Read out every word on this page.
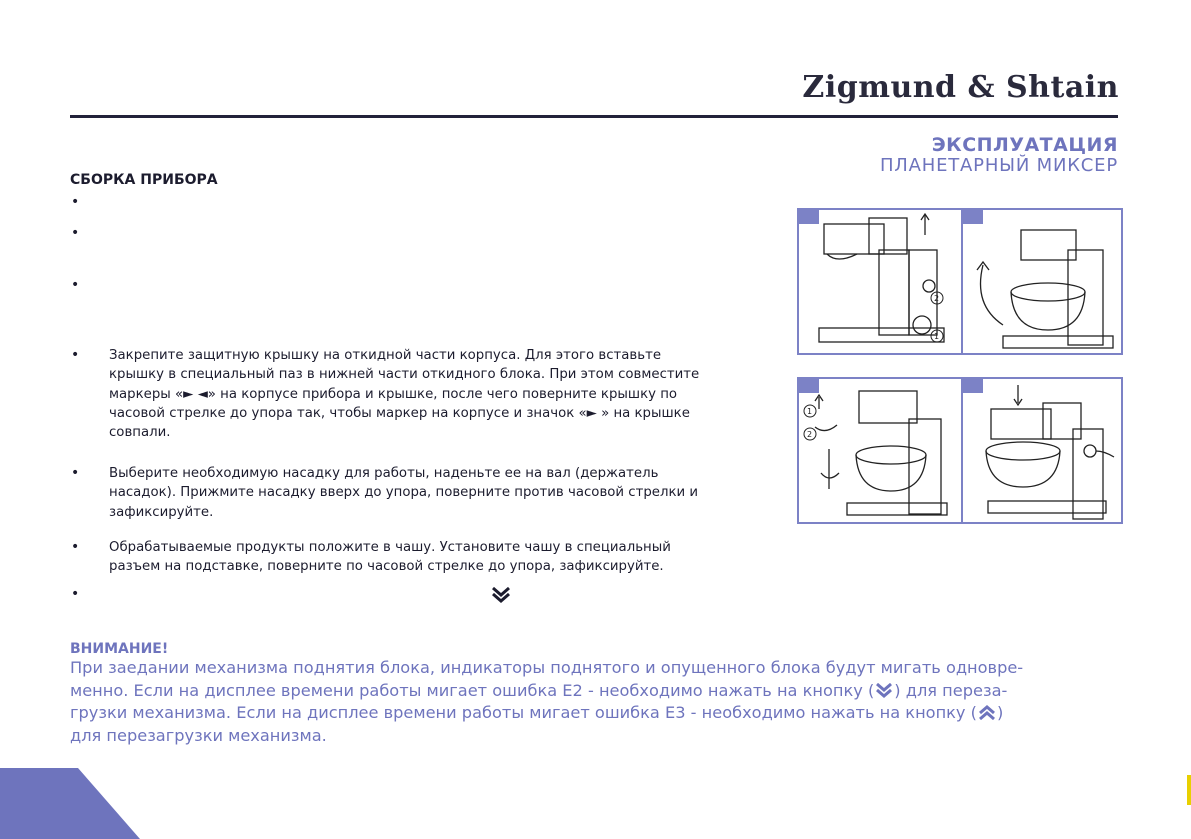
Zigmund & Shtain
ЭКСПЛУАТАЦИЯ
ПЛАНЕТАРНЫЙ МИКСЕР
СБОРКА ПРИБОРА
•
•
•
• Закрепите защитную крышку на откидной части корпуса. Для этого вставьте
крышку в специальный паз в нижней части откидного блока. При этом совместите
маркеры «► ◄» на корпусе прибора и крышке, после чего поверните крышку по
часовой стрелке до упора так, чтобы маркер на корпусе и значок «► » на крышке
совпали.
• Выберите необходимую насадку для работы, наденьте ее на вал (держатель
насадок). Прижмите насадку вверх до упора, поверните против часовой стрелки и
зафиксируйте.
• Обрабатываемые продукты положите в чашу. Установите чашу в специальный
разъем на подставке, поверните по часовой стрелке до упора, зафиксируйте.
•
ВНИМАНИЕ!
При заедании механизма поднятия блока, индикаторы поднятого и опущенного блока будут мигать одновре-
менно. Если на дисплее времени работы мигает ошибка Е2 - необходимо нажать на кнопку ( ) для переза-
грузки механизма. Если на дисплее времени работы мигает ошибка Е3 - необходимо нажать на кнопку ( )
для перезагрузки механизма.
2
1
1
2
